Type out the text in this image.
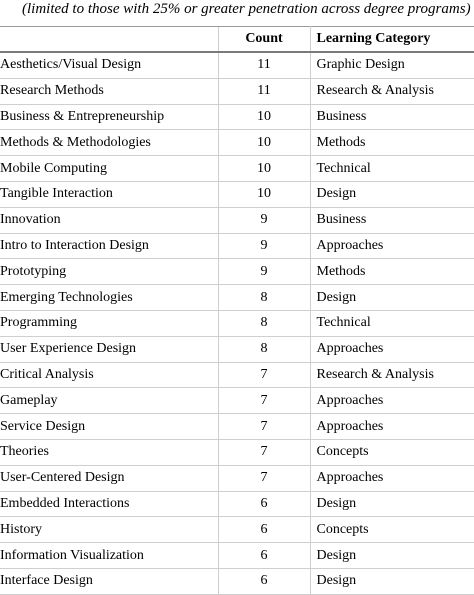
(limited to those with 25% or greater penetration across degree programs)
	Count	Learning Category
Aesthetics/Visual Design	11	Graphic Design
Research Methods	11	Research & Analysis
Business & Entrepreneurship	10	Business
Methods & Methodologies	10	Methods
Mobile Computing	10	Technical
Tangible Interaction	10	Design
Innovation	9	Business
Intro to Interaction Design	9	Approaches
Prototyping	9	Methods
Emerging Technologies	8	Design
Programming	8	Technical
User Experience Design	8	Approaches
Critical Analysis	7	Research & Analysis
Gameplay	7	Approaches
Service Design	7	Approaches
Theories	7	Concepts
User-Centered Design	7	Approaches
Embedded Interactions	6	Design
History	6	Concepts
Information Visualization	6	Design
Interface Design	6	Design
